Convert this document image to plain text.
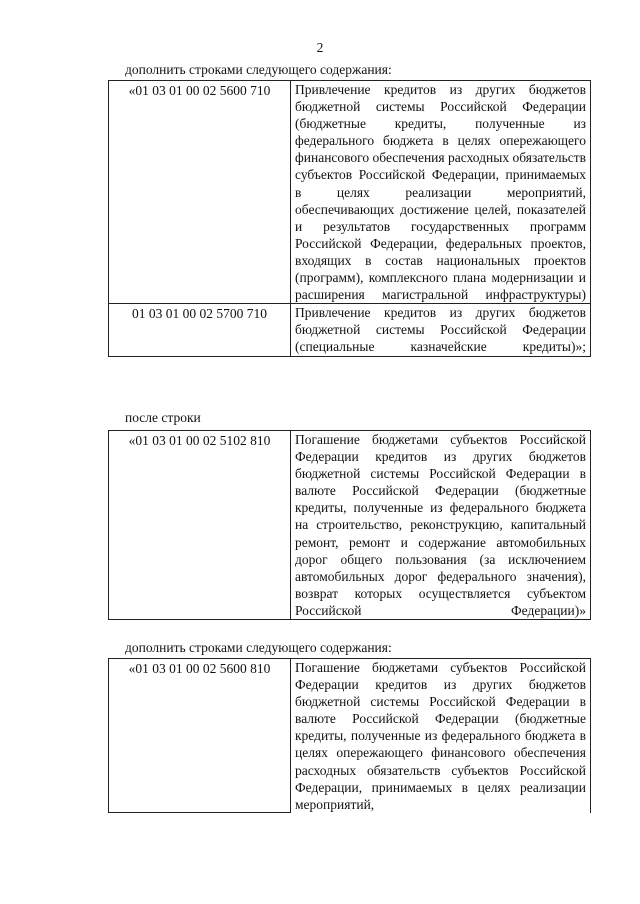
2
дополнить строками следующего содержания:
«01 03 01 00 02 5600 710	Привлечение кредитов из других бюджетов бюджетной системы Российской Федерации (бюджетные кредиты, полученные из федерального бюджета в целях опережающего финансового обеспечения расходных обязательств субъектов Российской Федерации, принимаемых в целях реализации мероприятий, обеспечивающих достижение целей, показателей и результатов государственных программ Российской Федерации, федеральных проектов, входящих в состав национальных проектов (программ), комплексного плана модернизации и расширения магистральной инфраструктуры)
01 03 01 00 02 5700 710	Привлечение кредитов из других бюджетов бюджетной системы Российской Федерации (специальные казначейские кредиты)»;
после строки
«01 03 01 00 02 5102 810	Погашение бюджетами субъектов Российской Федерации кредитов из других бюджетов бюджетной системы Российской Федерации в валюте Российской Федерации (бюджетные кредиты, полученные из федерального бюджета на строительство, реконструкцию, капитальный ремонт, ремонт и содержание автомобильных дорог общего пользования (за исключением автомобильных дорог федерального значения), возврат которых осуществляется субъектом Российской Федерации)»
дополнить строками следующего содержания:
«01 03 01 00 02 5600 810	Погашение бюджетами субъектов Российской Федерации кредитов из других бюджетов бюджетной системы Российской Федерации в валюте Российской Федерации (бюджетные кредиты, полученные из федерального бюджета в целях опережающего финансового обеспечения расходных обязательств субъектов Российской Федерации, принимаемых в целях реализации мероприятий,
